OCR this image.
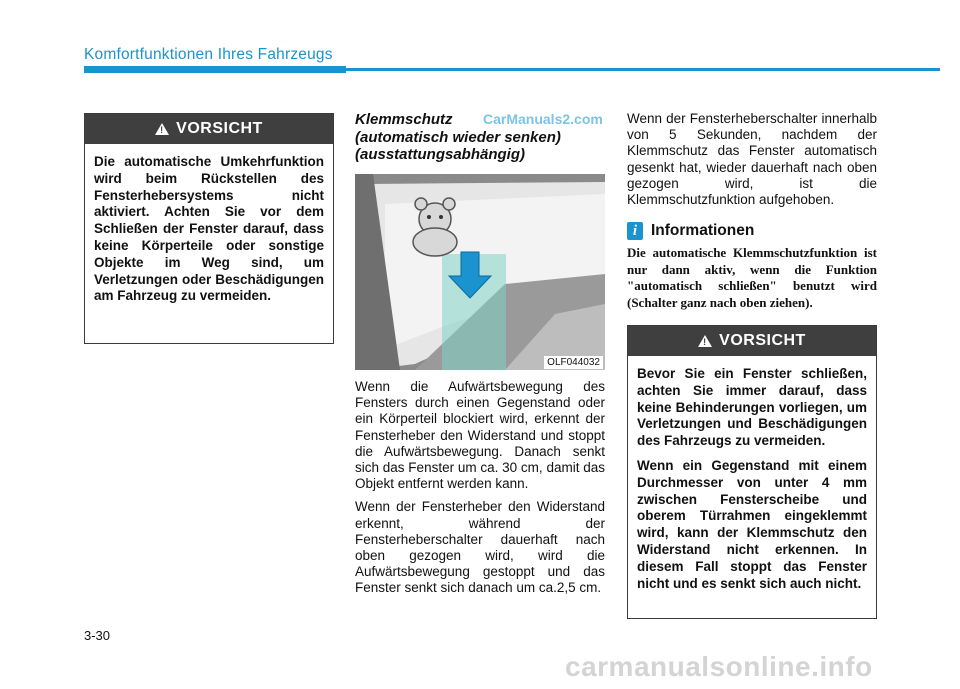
Komfortfunktionen Ihres Fahrzeugs
! VORSICHT

Die automatische Umkehrfunktion wird beim Rückstellen des Fensterhebersystems nicht aktiviert. Achten Sie vor dem Schließen der Fenster darauf, dass keine Körperteile oder sonstige Objekte im Weg sind, um Verletzungen oder Beschädigungen am Fahrzeug zu vermeiden.

Klemmschutz

(automatisch wieder senken)

(ausstattungsabhängig)

CarManuals2.com
OLF044032

Wenn die Aufwärtsbewegung des Fensters durch einen Gegenstand oder ein Körperteil blockiert wird, erkennt der Fensterheber den Widerstand und stoppt die Aufwärtsbewegung. Danach senkt sich das Fenster um ca. 30 cm, damit das Objekt entfernt werden kann.

Wenn der Fensterheber den Widerstand erkennt, während der Fensterheberschalter dauerhaft nach oben gezogen wird, wird die Aufwärtsbewegung gestoppt und das Fenster senkt sich danach um ca.2,5 cm.

Wenn der Fensterheberschalter innerhalb von 5 Sekunden, nachdem der Klemmschutz das Fenster automatisch gesenkt hat, wieder dauerhaft nach oben gezogen wird, ist die Klemmschutzfunktion aufgehoben.

i Informationen

Die automatische Klemmschutzfunktion ist nur dann aktiv, wenn die Funktion "automatisch schließen" benutzt wird (Schalter ganz nach oben ziehen).

! VORSICHT

Bevor Sie ein Fenster schließen, achten Sie immer darauf, dass keine Behinderungen vorliegen, um Verletzungen und Beschädigungen des Fahrzeugs zu vermeiden.

Wenn ein Gegenstand mit einem Durchmesser von unter 4 mm zwischen Fensterscheibe und oberem Türrahmen eingeklemmt wird, kann der Klemmschutz den Widerstand nicht erkennen. In diesem Fall stoppt das Fenster nicht und es senkt sich auch nicht.

3-30
carmanualsonline.info
